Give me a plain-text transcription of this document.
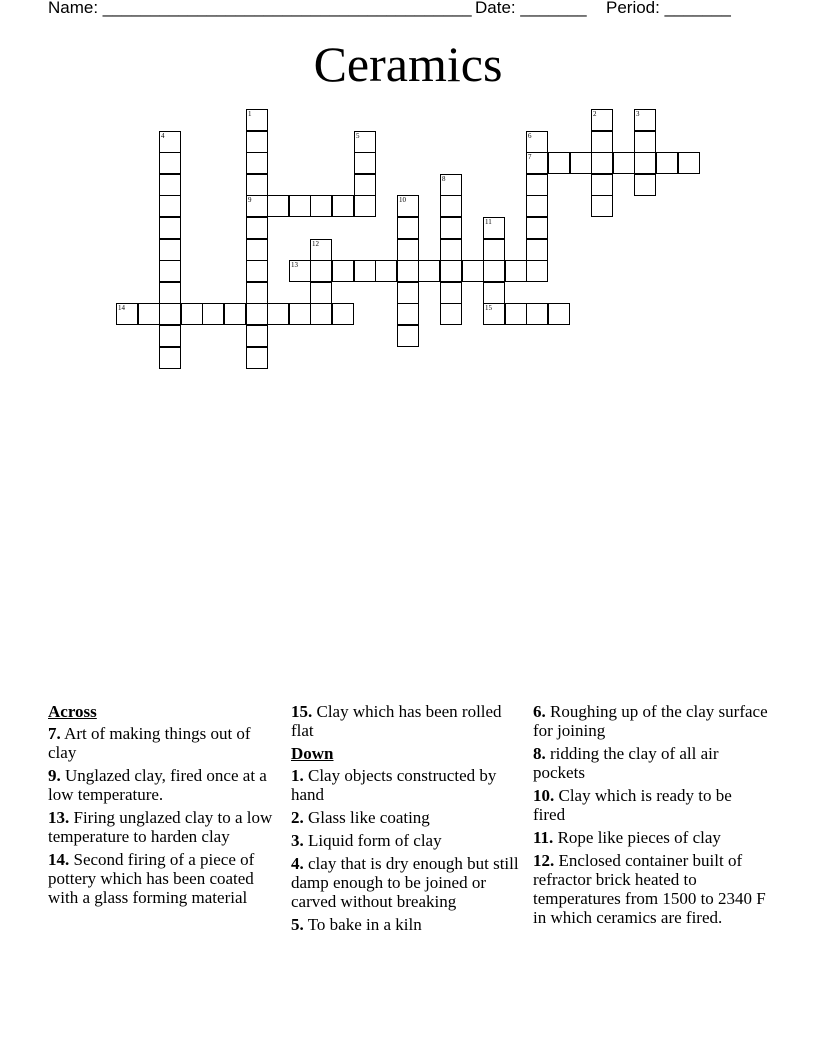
Name: _______________________________________ Date: _______ Period: _______
Ceramics
1
9
2	3
4	5	6
7
8
10
11
15
12
13
14
Across
7. Art of making things out of clay
9. Unglazed clay, fired once at a low temperature.
13. Firing unglazed clay to a low temperature to harden clay
14. Second firing of a piece of pottery which has been coated with a glass forming material
15. Clay which has been rolled flat
Down
1. Clay objects constructed by hand
2. Glass like coating
3. Liquid form of clay
4. clay that is dry enough but still damp enough to be joined or carved without breaking
5. To bake in a kiln
6. Roughing up of the clay surface for joining
8. ridding the clay of all air pockets
10. Clay which is ready to be fired
11. Rope like pieces of clay
12. Enclosed container built of refractor brick heated to temperatures from 1500 to 2340 F in which ceramics are fired.
